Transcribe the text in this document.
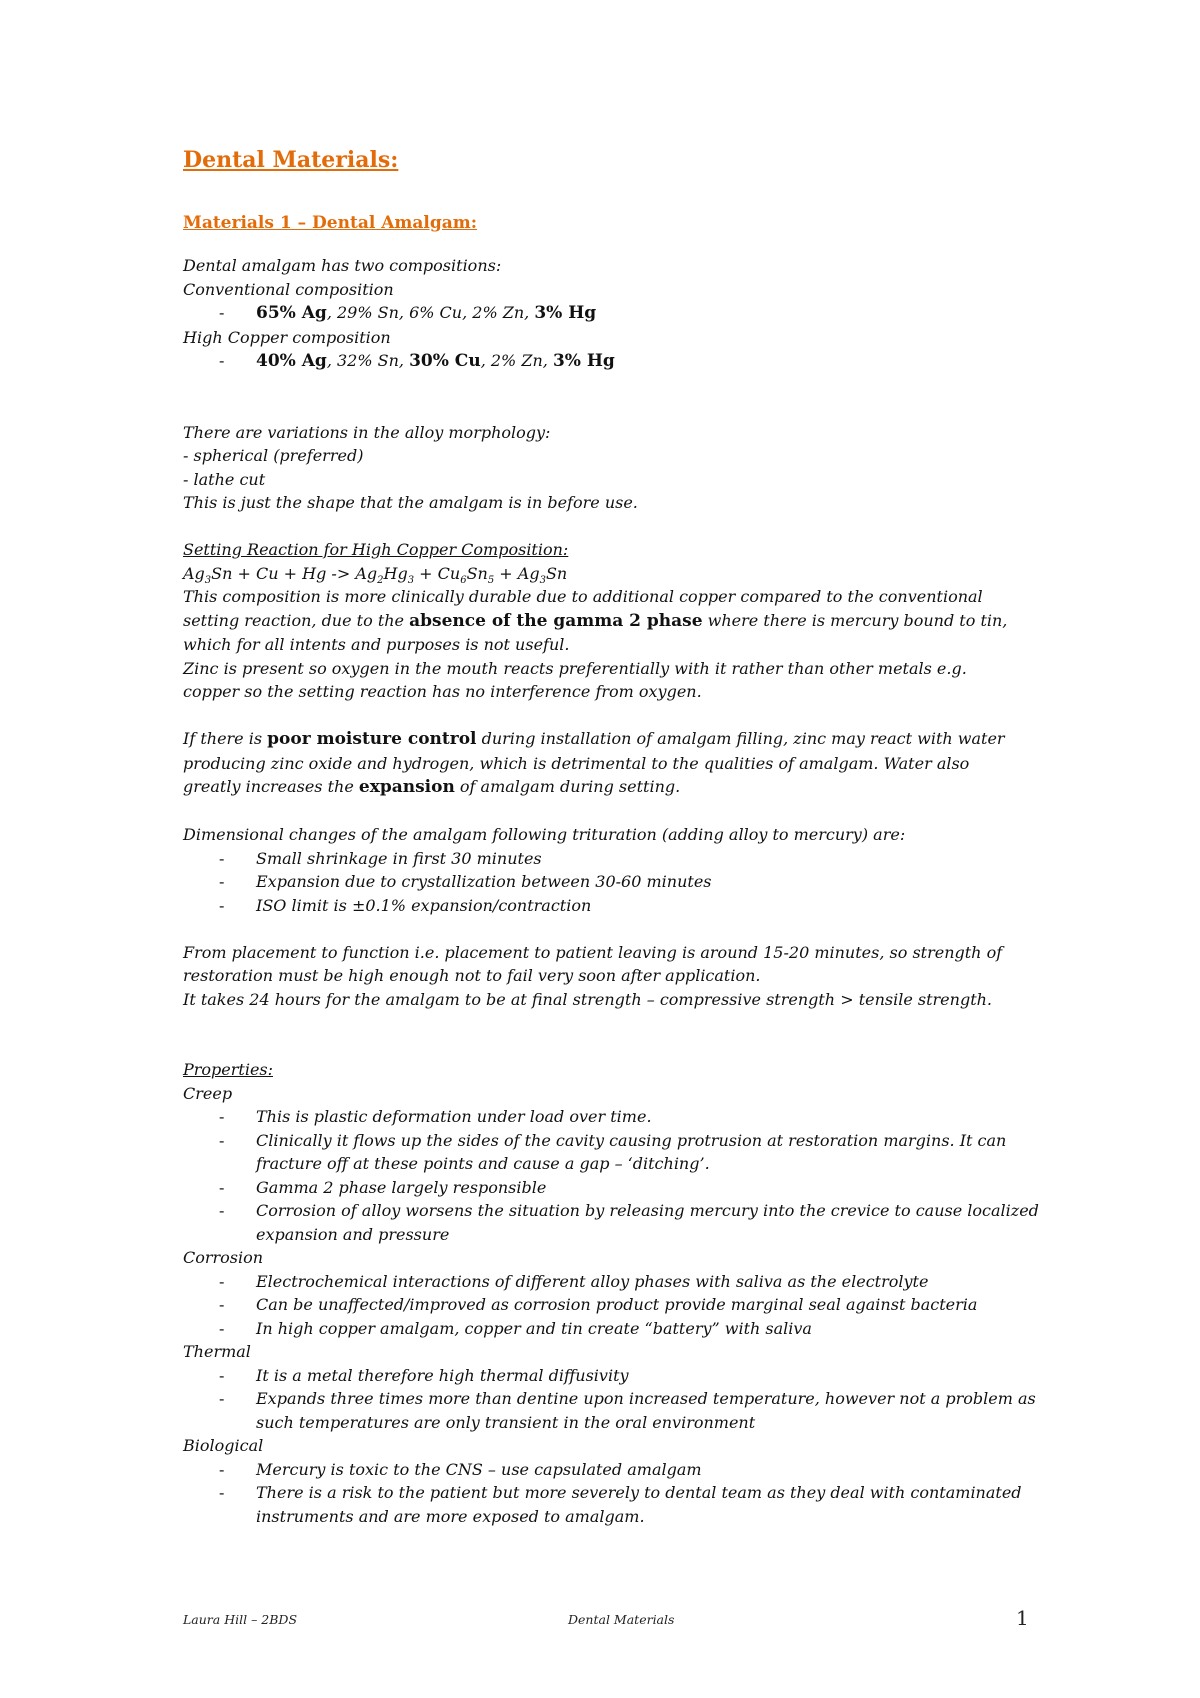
Dental Materials:
Materials 1 – Dental Amalgam:
Dental amalgam has two compositions:
Conventional composition
- 65% Ag, 29% Sn, 6% Cu, 2% Zn, 3% Hg
High Copper composition
- 40% Ag, 32% Sn, 30% Cu, 2% Zn, 3% Hg
There are variations in the alloy morphology:
- spherical (preferred)
- lathe cut
This is just the shape that the amalgam is in before use.
Setting Reaction for High Copper Composition:
$Ag_3Sn + Cu + Hg -> Ag_2Hg_3 + Cu_6Sn_5 + Ag_3Sn$
This composition is more clinically durable due to additional copper compared to the conventional
setting reaction, due to the absence of the gamma 2 phase where there is mercury bound to tin,
which for all intents and purposes is not useful.
Zinc is present so oxygen in the mouth reacts preferentially with it rather than other metals e.g.
copper so the setting reaction has no interference from oxygen.
If there is poor moisture control during installation of amalgam filling, zinc may react with water
producing zinc oxide and hydrogen, which is detrimental to the qualities of amalgam. Water also
greatly increases the expansion of amalgam during setting.
Dimensional changes of the amalgam following trituration (adding alloy to mercury) are:
- Small shrinkage in first 30 minutes
- Expansion due to crystallization between 30-60 minutes
- ISO limit is ±0.1% expansion/contraction
From placement to function i.e. placement to patient leaving is around 15-20 minutes, so strength of
restoration must be high enough not to fail very soon after application.
It takes 24 hours for the amalgam to be at final strength – compressive strength > tensile strength.
Properties:
Creep
- This is plastic deformation under load over time.
- Clinically it flows up the sides of the cavity causing protrusion at restoration margins. It can fracture off at these points and cause a gap – ‘ditching’.
- Gamma 2 phase largely responsible
- Corrosion of alloy worsens the situation by releasing mercury into the crevice to cause localized expansion and pressure
Corrosion
- Electrochemical interactions of different alloy phases with saliva as the electrolyte
- Can be unaffected/improved as corrosion product provide marginal seal against bacteria
- In high copper amalgam, copper and tin create “battery” with saliva
Thermal
- It is a metal therefore high thermal diffusivity
- Expands three times more than dentine upon increased temperature, however not a problem as such temperatures are only transient in the oral environment
Biological
- Mercury is toxic to the CNS – use capsulated amalgam
- There is a risk to the patient but more severely to dental team as they deal with contaminated instruments and are more exposed to amalgam.
Laura Hill – 2BDS	Dental Materials	1
